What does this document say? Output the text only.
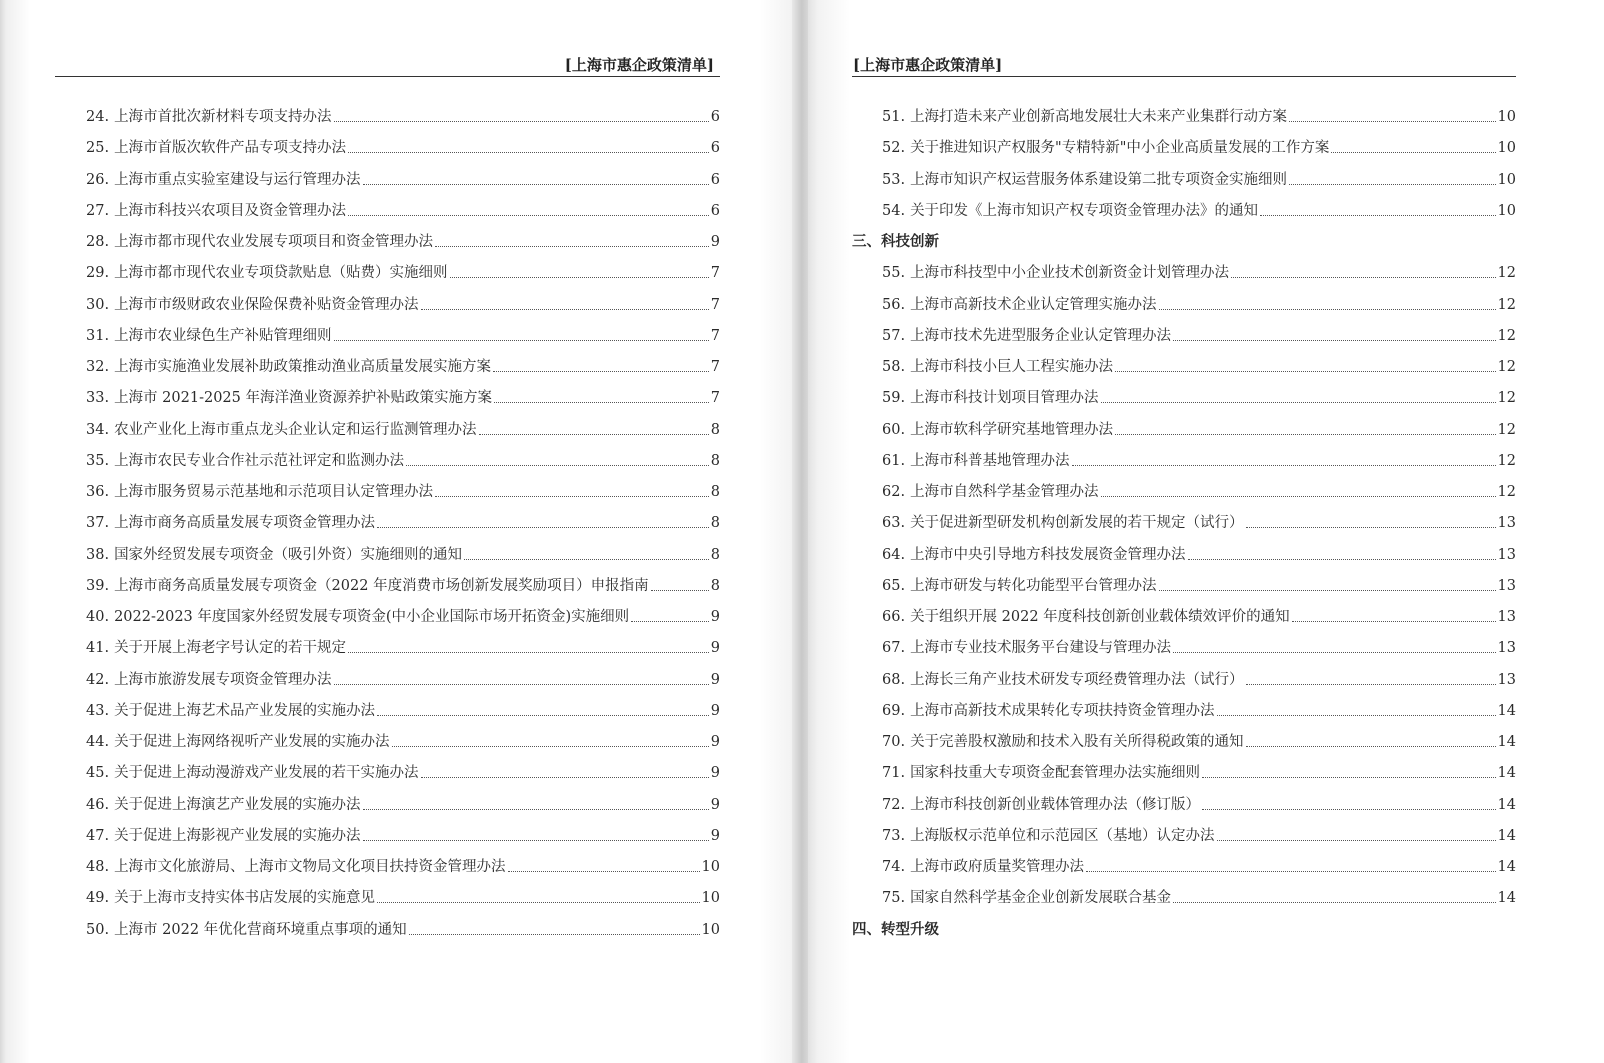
[上海市惠企政策清单]
24. 上海市首批次新材料专项支持办法	6
25. 上海市首版次软件产品专项支持办法	6
26. 上海市重点实验室建设与运行管理办法	6
27. 上海市科技兴农项目及资金管理办法	6
28. 上海市都市现代农业发展专项项目和资金管理办法	9
29. 上海市都市现代农业专项贷款贴息（贴费）实施细则	7
30. 上海市市级财政农业保险保费补贴资金管理办法	7
31. 上海市农业绿色生产补贴管理细则	7
32. 上海市实施渔业发展补助政策推动渔业高质量发展实施方案	7
33. 上海市 2021-2025 年海洋渔业资源养护补贴政策实施方案	7
34. 农业产业化上海市重点龙头企业认定和运行监测管理办法	8
35. 上海市农民专业合作社示范社评定和监测办法	8
36. 上海市服务贸易示范基地和示范项目认定管理办法	8
37. 上海市商务高质量发展专项资金管理办法	8
38. 国家外经贸发展专项资金（吸引外资）实施细则的通知	8
39. 上海市商务高质量发展专项资金（2022 年度消费市场创新发展奖励项目）申报指南	8
40. 2022-2023 年度国家外经贸发展专项资金(中小企业国际市场开拓资金)实施细则	9
41. 关于开展上海老字号认定的若干规定	9
42. 上海市旅游发展专项资金管理办法	9
43. 关于促进上海艺术品产业发展的实施办法	9
44. 关于促进上海网络视听产业发展的实施办法	9
45. 关于促进上海动漫游戏产业发展的若干实施办法	9
46. 关于促进上海演艺产业发展的实施办法	9
47. 关于促进上海影视产业发展的实施办法	9
48. 上海市文化旅游局、上海市文物局文化项目扶持资金管理办法	10
49. 关于上海市支持实体书店发展的实施意见	10
50. 上海市 2022 年优化营商环境重点事项的通知	10
[上海市惠企政策清单]
51. 上海打造未来产业创新高地发展壮大未来产业集群行动方案	10
52. 关于推进知识产权服务"专精特新"中小企业高质量发展的工作方案	10
53. 上海市知识产权运营服务体系建设第二批专项资金实施细则	10
54. 关于印发《上海市知识产权专项资金管理办法》的通知	10
三、科技创新
55. 上海市科技型中小企业技术创新资金计划管理办法	12
56. 上海市高新技术企业认定管理实施办法	12
57. 上海市技术先进型服务企业认定管理办法	12
58. 上海市科技小巨人工程实施办法	12
59. 上海市科技计划项目管理办法	12
60. 上海市软科学研究基地管理办法	12
61. 上海市科普基地管理办法	12
62. 上海市自然科学基金管理办法	12
63. 关于促进新型研发机构创新发展的若干规定（试行）	13
64. 上海市中央引导地方科技发展资金管理办法	13
65. 上海市研发与转化功能型平台管理办法	13
66. 关于组织开展 2022 年度科技创新创业载体绩效评价的通知	13
67. 上海市专业技术服务平台建设与管理办法	13
68. 上海长三角产业技术研发专项经费管理办法（试行）	13
69. 上海市高新技术成果转化专项扶持资金管理办法	14
70. 关于完善股权激励和技术入股有关所得税政策的通知	14
71. 国家科技重大专项资金配套管理办法实施细则	14
72. 上海市科技创新创业载体管理办法（修订版）	14
73. 上海版权示范单位和示范园区（基地）认定办法	14
74. 上海市政府质量奖管理办法	14
75. 国家自然科学基金企业创新发展联合基金	14
四、转型升级
